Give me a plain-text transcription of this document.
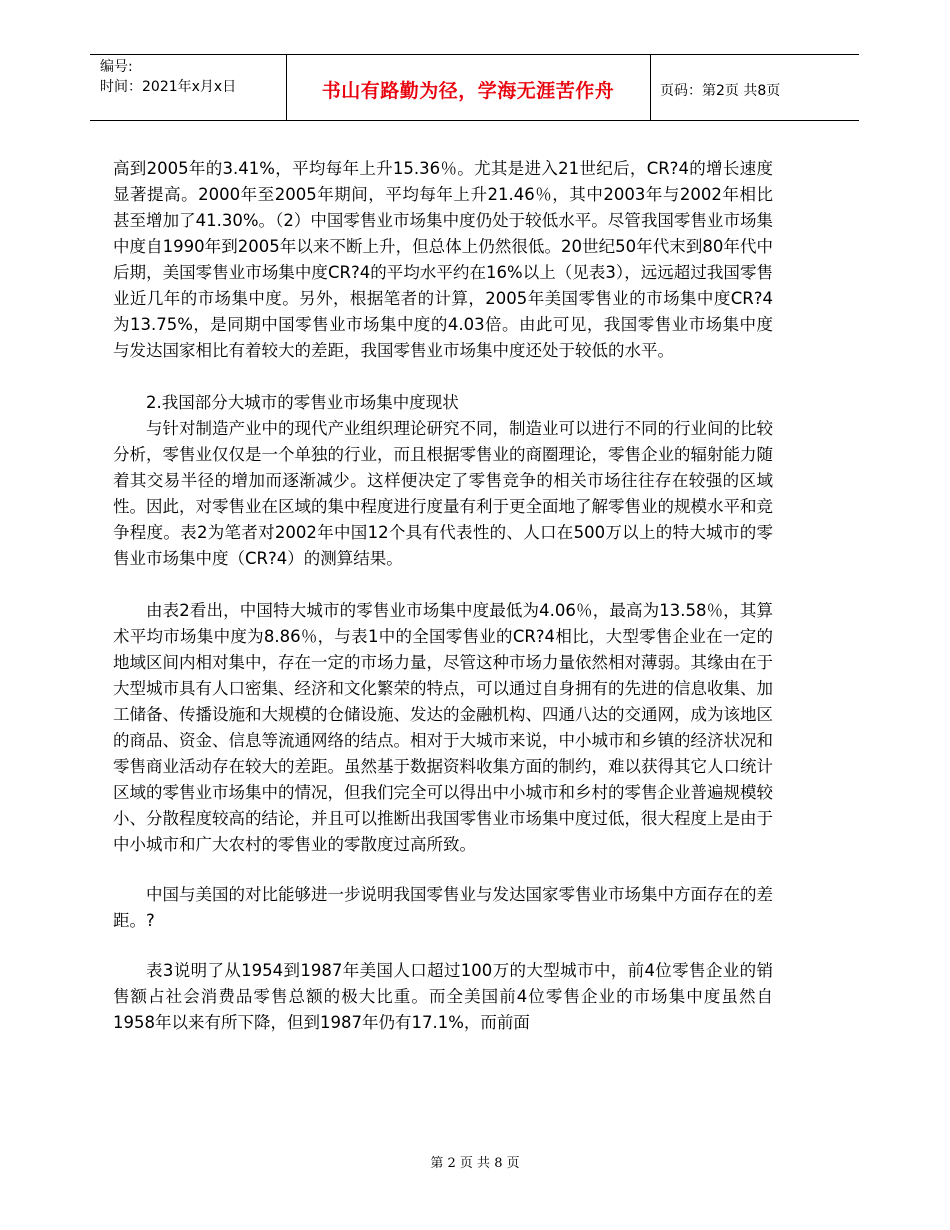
编号:
时间：2021年x月x日	书山有路勤为径，学海无涯苦作舟	页码：第2页 共8页

高到2005年的3.41%，平均每年上升15.36％。尤其是进入21世纪后，CR?4的增长速度显著提高。2000年至2005年期间，平均每年上升21.46％，其中2003年与2002年相比甚至增加了41.30%。（2）中国零售业市场集中度仍处于较低水平。尽管我国零售业市场集中度自1990年到2005年以来不断上升，但总体上仍然很低。20世纪50年代末到80年代中后期，美国零售业市场集中度CR?4的平均水平约在16%以上（见表3），远远超过我国零售业近几年的市场集中度。另外，根据笔者的计算，2005年美国零售业的市场集中度CR?4为13.75%，是同期中国零售业市场集中度的4.03倍。由此可见，我国零售业市场集中度与发达国家相比有着较大的差距，我国零售业市场集中度还处于较低的水平。

2.我国部分大城市的零售业市场集中度现状

与针对制造产业中的现代产业组织理论研究不同，制造业可以进行不同的行业间的比较分析，零售业仅仅是一个单独的行业，而且根据零售业的商圈理论，零售企业的辐射能力随着其交易半径的增加而逐渐减少。这样便决定了零售竞争的相关市场往往存在较强的区域性。因此，对零售业在区域的集中程度进行度量有利于更全面地了解零售业的规模水平和竞争程度。表2为笔者对2002年中国12个具有代表性的、人口在500万以上的特大城市的零售业市场集中度（CR?4）的测算结果。

由表2看出，中国特大城市的零售业市场集中度最低为4.06％，最高为13.58％，其算术平均市场集中度为8.86％，与表1中的全国零售业的CR?4相比，大型零售企业在一定的地域区间内相对集中，存在一定的市场力量，尽管这种市场力量依然相对薄弱。其缘由在于大型城市具有人口密集、经济和文化繁荣的特点，可以通过自身拥有的先进的信息收集、加工储备、传播设施和大规模的仓储设施、发达的金融机构、四通八达的交通网，成为该地区的商品、资金、信息等流通网络的结点。相对于大城市来说，中小城市和乡镇的经济状况和零售商业活动存在较大的差距。虽然基于数据资料收集方面的制约，难以获得其它人口统计区域的零售业市场集中的情况，但我们完全可以得出中小城市和乡村的零售企业普遍规模较小、分散程度较高的结论，并且可以推断出我国零售业市场集中度过低，很大程度上是由于中小城市和广大农村的零售业的零散度过高所致。

中国与美国的对比能够进一步说明我国零售业与发达国家零售业市场集中方面存在的差距。?

表3说明了从1954到1987年美国人口超过100万的大型城市中，前4位零售企业的销售额占社会消费品零售总额的极大比重。而全美国前4位零售企业的市场集中度虽然自1958年以来有所下降，但到1987年仍有17.1%，而前面

第 2 页 共 8 页
